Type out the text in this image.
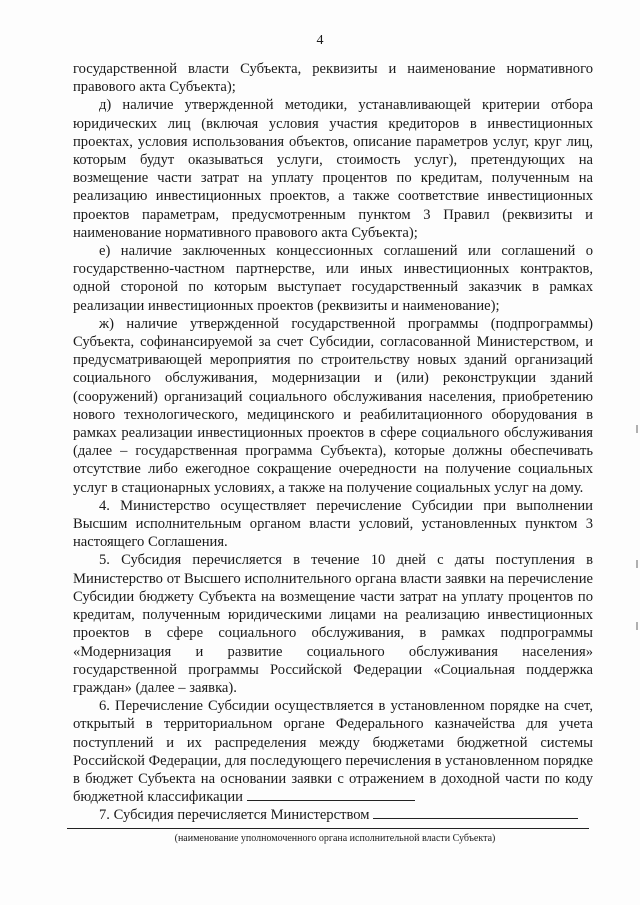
4

государственной власти Субъекта, реквизиты и наименование нормативного правового акта Субъекта);

д) наличие утвержденной методики, устанавливающей критерии отбора юридических лиц (включая условия участия кредиторов в инвестиционных проектах, условия использования объектов, описание параметров услуг, круг лиц, которым будут оказываться услуги, стоимость услуг), претендующих на возмещение части затрат на уплату процентов по кредитам, полученным на реализацию инвестиционных проектов, а также соответствие инвестиционных проектов параметрам, предусмотренным пунктом 3 Правил (реквизиты и наименование нормативного правового акта Субъекта);

е) наличие заключенных концессионных соглашений или соглашений о государственно-частном партнерстве, или иных инвестиционных контрактов, одной стороной по которым выступает государственный заказчик в рамках реализации инвестиционных проектов (реквизиты и наименование);

ж) наличие утвержденной государственной программы (подпрограммы) Субъекта, софинансируемой за счет Субсидии, согласованной Министерством, и предусматривающей мероприятия по строительству новых зданий организаций социального обслуживания, модернизации и (или) реконструкции зданий (сооружений) организаций социального обслуживания населения, приобретению нового технологического, медицинского и реабилитационного оборудования в рамках реализации инвестиционных проектов в сфере социального обслуживания (далее – государственная программа Субъекта), которые должны обеспечивать отсутствие либо ежегодное сокращение очередности на получение социальных услуг в стационарных условиях, а также на получение социальных услуг на дому.

4. Министерство осуществляет перечисление Субсидии при выполнении Высшим исполнительным органом власти условий, установленных пунктом 3 настоящего Соглашения.

5. Субсидия перечисляется в течение 10 дней с даты поступления в Министерство от Высшего исполнительного органа власти заявки на перечисление Субсидии бюджету Субъекта на возмещение части затрат на уплату процентов по кредитам, полученным юридическими лицами на реализацию инвестиционных проектов в сфере социального обслуживания, в рамках подпрограммы «Модернизация и развитие социального обслуживания населения» государственной программы Российской Федерации «Социальная поддержка граждан» (далее – заявка).

6. Перечисление Субсидии осуществляется в установленном порядке на счет, открытый в территориальном органе Федерального казначейства для учета поступлений и их распределения между бюджетами бюджетной системы Российской Федерации, для последующего перечисления в установленном порядке в бюджет Субъекта на основании заявки с отражением в доходной части по коду бюджетной классификации

7. Субсидия перечисляется Министерством

(наименование уполномоченного органа исполнительной власти Субъекта)
